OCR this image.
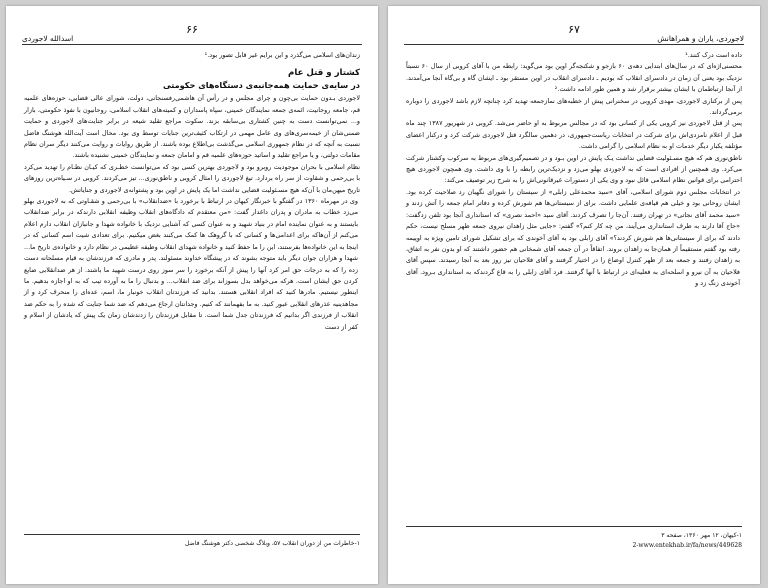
۶۶
اسدالله لاجوردی

زندان‌های اسلامی می‌گذرد و این برایم غیر قابل تصور بود.¹

کشتار و قتل عام
در سایه‌ی حمایت همه‌جانبه‌ی دستگاه‌های حکومتی

لاجوردی بـدون حمایت بی‌چون و چرای مجلس و در رأس آن هاشمی‌رفسنجانی، دولت، شورای عالی قضایی، حوزه‌های علمیه قم، جامعه روحانیت، ائمه‌ی جمعه نمایندگان خمینی، سپاه پاسداران و کمیته‌های انقلاب اسلامی، روحانیون با نفوذ حکومتی، بازار و... نمی‌توانست دست به چنین کشتاری بی‌سابقه بزند. سکوت مراجع تقلید شیعه در برابر جنایت‌های لاجوردی و حمایت ضمنی‌شان از خیمه‌سری‌های وی عامل مهمی در ارتکاب کثیف‌ترین جنایات توسط وی بود. محال است آیت‌الله هوشنگ فاضل نسبت به آنچه که در نظام جمهوری اسلامی می‌گذشت بی‌اطلاع بوده باشند. از طریق روایات و روایت می‌کنند دیگر سران نظام مقامات دولتی، و یا مراجع تقلید و اساتید حوزه‌های علمیه قم و امامان جمعه و نمایندگان خمینی نشنیده باشند.

نظام اسلامی با بحران موجودیت روبرو بود و لاجوردی بهترین کسی بود که می‌توانست خطـری که کیـان نظـام را تهدید می‌کرد با بی‌رحمی و شقاوت از سر راه بردارد. تیغ لاجوردی را امثال کروبی و ناطق‌نوری... تیز می‌کردند. کروبی در سـیاه‌ترین روزهای تاریخ میهن‌مان با آن‌که هیچ مسـئولیت قضایی نداشت اما یک پایش در اوین بود و پشتوانه‌ی لاجوردی و جنایاتش.

وی در مهرماه ۱۳۶۰ در گفتگو با خبرنگار کیهان در ارتباط با برخورد با «ضدانقلاب» با بی‌رحمی و شقـاوتی که به لاجوردی بهلو می‌زد خطاب به مادران و پدران داغدار گفت: «من معتقدم که دادگاه‌های انقلاب وظیفه انقلابی دارندکه در برابر ضدانقلاب بایستند و به عنوان نماینده امام در بنیاد شهید و به عنوان کسی که آشنایی نزدیک با خانواده شهدا و جانبازان انقلاب دارم اعلام می‌کنم از آن‌هاکه برای اعدامی‌ها و کسانی که با گروهک ها کمک می‌کنند بغض میکنیم. برای تعدادی شیت اسم کسانی که در اینجا به این خانواده‌ها بفرستند، این را ما حفظ کنید و خانواده شهدای انقلاب وظیفه عظیمی در نظام دارد و خانواده‌ی تاریخ ما... شهدا و هزاران جوان دیگر باید متوجه بشوند که در پیشگاه خداوند مسئولند. پدر و مادری که فرزندشان به قیام مسلحانه دست زده را که به درجات حق امر کرد آنها را پیش از آنکه برخورد را سر سوز روی درست شهید ما باشند. از هر ضدانقلابی ضایع کردن حق ایشان است. هرکه می‌خواهد بدل بسوزاند برای ضد انقلاب... و بدنبال را ما به آورده تیب که به او اجازه بدهیم. ما اینطور نیستیم. مادرها کنید که افراد انقلابی هستند. بدانید که فرزندتان انقلاب خونبار ما، اسم، عده‌ای را منحرف کرد و از مجاهدینیه عذرهای انقلابی عبور کنید. به ما بفهمانند که کنیم. وجدانتان ارجاع می‌دهم که ضد شما جنایت که شده را به حکم ضد انقلاب از فرزندی اگر بدانیم که فرزندتان جدل شما است. تا مقابل فرزندتان را زدندشان زمان یک پیش که یادشان از اسلام و کفر از دست

۱-خاطرات من از دوران انقلاب ۵۷، وبلاگ شخصی دکتر هوشنگ فاضل
۶۷
لاجوردی، یاران و همراهانش

داده است درک کنند.¹

محسنی‌اژه‌ای که در سال‌های ابتدایی دهه‌ی ۶۰ بازجو و شکنجه‌گر اوین بود می‌گوید: رابطه من با آقای کروبی از سال ۶۰ نسبتاً نزدیک بود یعنی آن زمان در دادسرای انقلاب که بودیم ـ دادسرای انقلاب در اوین مستقر بود ـ ایشان گاه و بی‌گاه آنجا می‌آمدند. از آنجا ارتباطمان با ایشان بیشتر برقرار شد و همین طور ادامه داشت.²

پس از برکناری لاجوردی، مهدی کروبی در سخنرانی پیش از خطبه‌های نمازجمعه تهدید کرد چنانچه لازم باشد لاجوردی را دوباره برمی‌گرداند.

پس از قتل لاجوردی نیز کروبی یکی از کسانی بود که در مجالس مربوط به او حاضر می‌شد. کروبی در شهریور ۱۳۸۷ چند ماه قبل از اعلام نامزدی‌اش برای شرکت در انتخابات ریاست‌جمهوری، در دهمین سالگرد قتل لاجوردی شرکت کرد و درکنار اعضای مؤتلفه یکبار دیگر خدمات او به نظام اسلامی را گرامی داشت.

ناطق‌نوری هم که هیچ مسـئولیت قضایی نداشت یـک پایش در اوین بـود و در تصمیم‌گیری‌های مربوط به سرکوب وکشتار شرکت می‌کرد. وی همچنین از افرادی است که به لاجوردی بهلو می‌زد و نزدیک‌ترین رابطه را با وی داشت. وی همچون لاجوردی هیچ احترامی برای قوانین نظام اسلامی قائل نبود و وی یکی از دستورات غیرقانونی‌اش را به شرح زیر توصیف می‌کند:

در انتخابات مجلس دوم شورای اسلامی، آقای «سید محمدعلی زابلی» از سیستان را شورای نگهبان رد صلاحیت کرده بود. ایشان روحانی بود و خیلی هم قیافه‌ی علمایی داشت. برای از سیستانی‌ها هم شورش کرده و دفاتر امام جمعه را آتش زدند و «سید محمد آقای نجاتی» در تهران رفتند. آن‌جا را تصرف کردند. آقای سید «احمد نصری» که استانداری آنجا بود تلفن زدگفت: «حاج آقا دارند به طرف استانداری می‌آیند، من چه کار کنم؟» گفتم: «جایی مثل زاهدان نیروی جمعه ظهر مسلح نیست، حکم دادند که برای از سیستانی‌ها هم شورش کردند؟» آقای زابلی بود به آقای آخوندی که برای تشکیل شورای تامین ویژه به اوپیمه رفته بود گفتم مستقیماً از همان‌جا به زاهدان بروند. اتفاقاً در آن جمعه آقای شمخانی هم حضور داشتند که او بدون نفر به اتفاق، به زاهدان رفتند و جمعه بعد از ظهر کنترل اوضاع را در اختیار گرفتند و آقای فلاحیان نیز روز بعد به آنجا رسیدند. سپس آقای فلاحیان به آن نیرو و اسلحه‌ای به فعلیه‌ای در ارتباط با آنها گرفتند. فرد آقای زابلی را به قاع گردندکه به استانداری بـرود. آقای آخوندی زنگ زد و

۱-کیهان، ۱۲ مهر ۱۳۶۰، صفحه ۳
2-www.entekhab.ir/fa/news/449628
